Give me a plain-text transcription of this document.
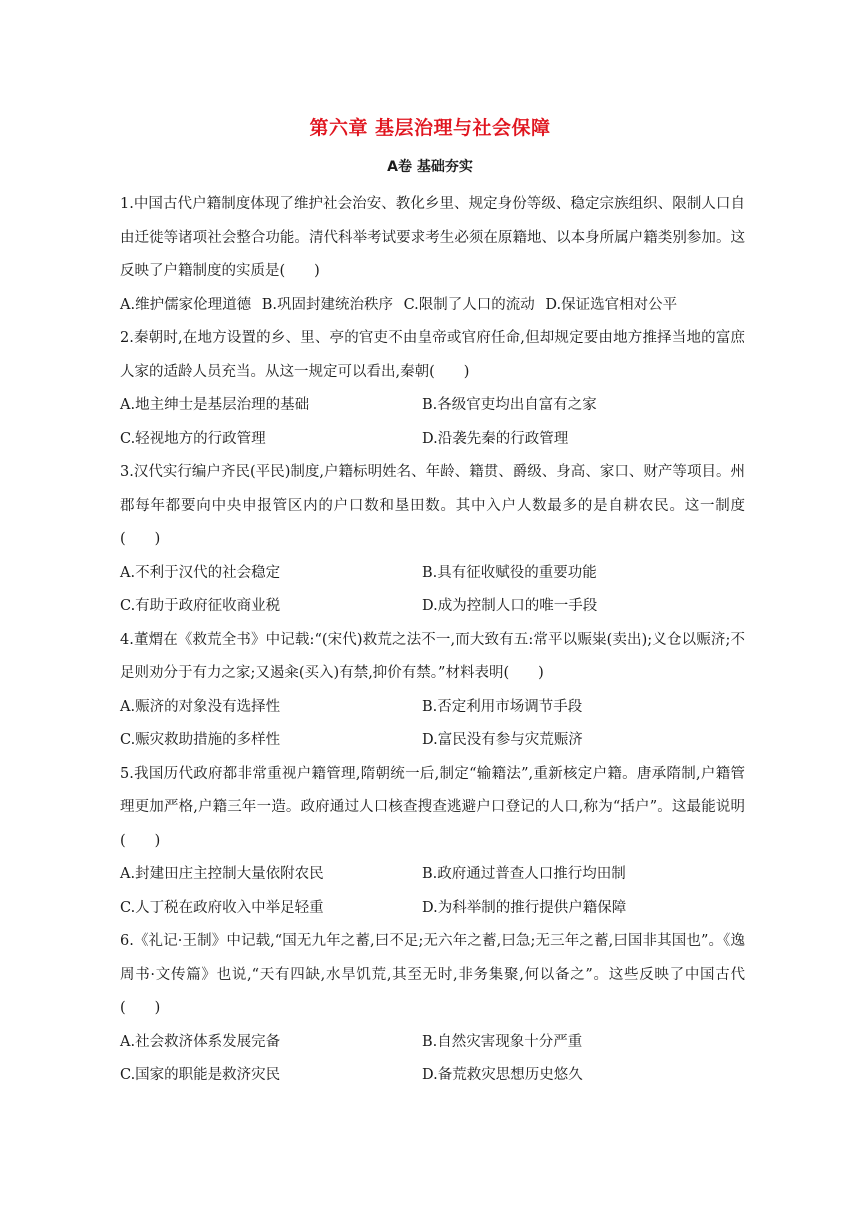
第六章 基层治理与社会保障
A卷 基础夯实
1.中国古代户籍制度体现了维护社会治安、教化乡里、规定身份等级、稳定宗族组织、限制人口自由迁徙等诸项社会整合功能。清代科举考试要求考生必须在原籍地、以本身所属户籍类别参加。这反映了户籍制度的实质是(　　)
A.维护儒家伦理道德 B.巩固封建统治秩序 C.限制了人口的流动 D.保证选官相对公平
2.秦朝时,在地方设置的乡、里、亭的官吏不由皇帝或官府任命,但却规定要由地方推择当地的富庶人家的适龄人员充当。从这一规定可以看出,秦朝(　　)
A.地主绅士是基层治理的基础	B.各级官吏均出自富有之家
C.轻视地方的行政管理	D.沿袭先秦的行政管理
3.汉代实行编户齐民(平民)制度,户籍标明姓名、年龄、籍贯、爵级、身高、家口、财产等项目。州郡每年都要向中央申报管区内的户口数和垦田数。其中入户人数最多的是自耕农民。这一制度(　　)
A.不利于汉代的社会稳定	B.具有征收赋役的重要功能
C.有助于政府征收商业税	D.成为控制人口的唯一手段
4.董煟在《救荒全书》中记载:“(宋代)救荒之法不一,而大致有五:常平以赈粜(卖出);义仓以赈济;不足则劝分于有力之家;又遏籴(买入)有禁,抑价有禁。”材料表明(　　)
A.赈济的对象没有选择性	B.否定利用市场调节手段
C.赈灾救助措施的多样性	D.富民没有参与灾荒赈济
5.我国历代政府都非常重视户籍管理,隋朝统一后,制定“输籍法”,重新核定户籍。唐承隋制,户籍管理更加严格,户籍三年一造。政府通过人口核查搜查逃避户口登记的人口,称为“括户”。这最能说明(　　)
A.封建田庄主控制大量依附农民	B.政府通过普查人口推行均田制
C.人丁税在政府收入中举足轻重	D.为科举制的推行提供户籍保障
6.《礼记·王制》中记载,“国无九年之蓄,曰不足;无六年之蓄,曰急;无三年之蓄,曰国非其国也”。《逸周书·文传篇》也说,“天有四缺,水旱饥荒,其至无时,非务集聚,何以备之”。这些反映了中国古代(　　)
A.社会救济体系发展完备	B.自然灾害现象十分严重
C.国家的职能是救济灾民	D.备荒救灾思想历史悠久
